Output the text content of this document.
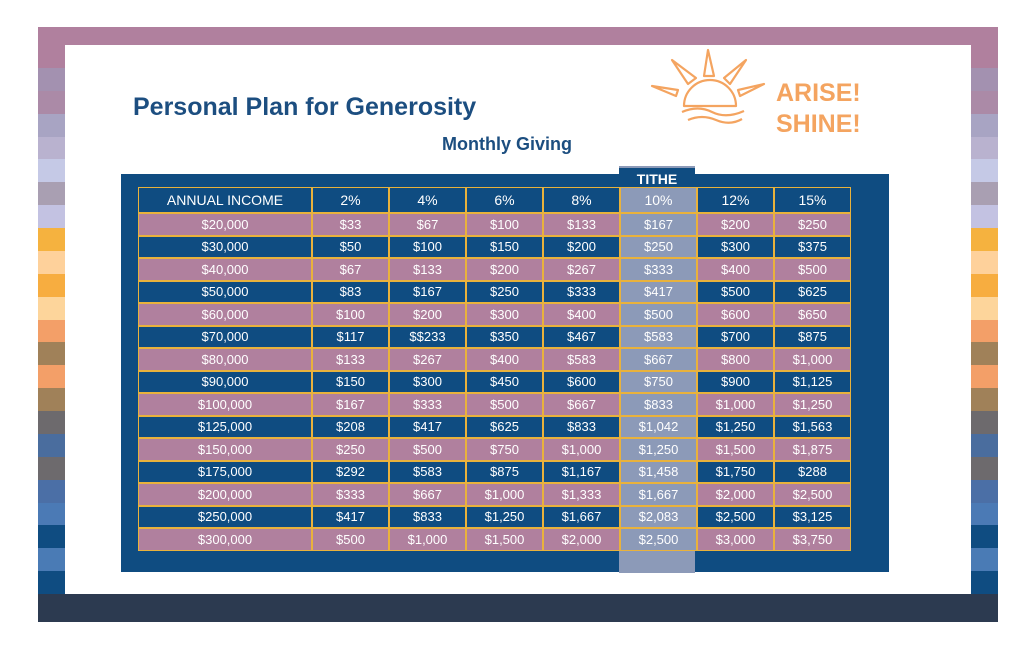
Personal Plan for Generosity
Monthly Giving
ARISE!
SHINE!
TITHE
ANNUAL INCOME	2%	4%	6%	8%	10%	12%	15%
$20,000	$33	$67	$100	$133	$167	$200	$250
$30,000	$50	$100	$150	$200	$250	$300	$375
$40,000	$67	$133	$200	$267	$333	$400	$500
$50,000	$83	$167	$250	$333	$417	$500	$625
$60,000	$100	$200	$300	$400	$500	$600	$650
$70,000	$117	$$233	$350	$467	$583	$700	$875
$80,000	$133	$267	$400	$583	$667	$800	$1,000
$90,000	$150	$300	$450	$600	$750	$900	$1,125
$100,000	$167	$333	$500	$667	$833	$1,000	$1,250
$125,000	$208	$417	$625	$833	$1,042	$1,250	$1,563
$150,000	$250	$500	$750	$1,000	$1,250	$1,500	$1,875
$175,000	$292	$583	$875	$1,167	$1,458	$1,750	$288
$200,000	$333	$667	$1,000	$1,333	$1,667	$2,000	$2,500
$250,000	$417	$833	$1,250	$1,667	$2,083	$2,500	$3,125
$300,000	$500	$1,000	$1,500	$2,000	$2,500	$3,000	$3,750
